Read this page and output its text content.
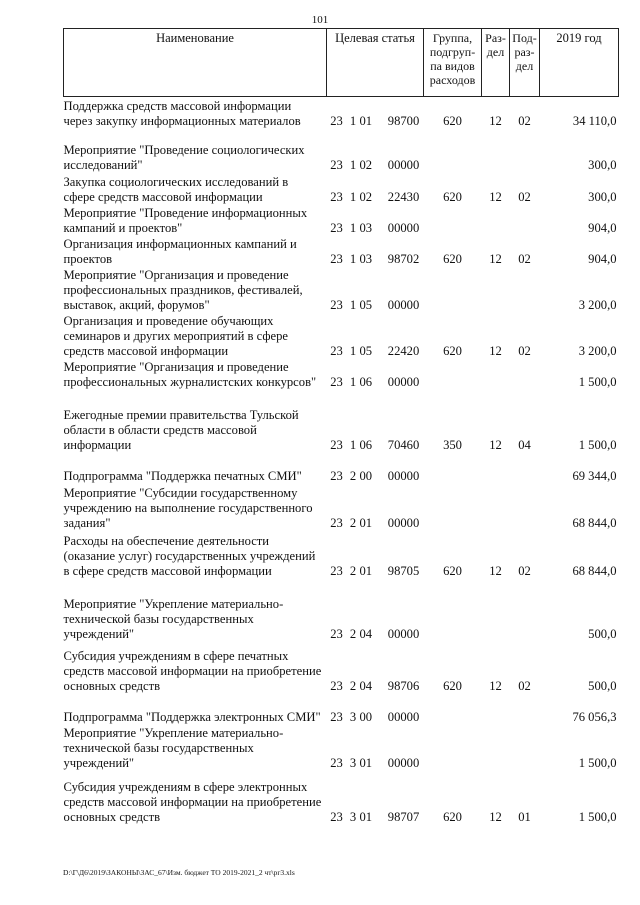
101
Наименование	Целевая статья				Группа, подгруп-па видов расходов	Раз-дел	Под-раз-дел	2019 год
Поддержка средств массовой информации через закупку информационных материалов	23	1	01	98700	620	12	02	34 110,0
Мероприятие "Проведение социологических исследований"	23	1	02	00000				300,0
Закупка социологических исследований в сфере средств массовой информации	23	1	02	22430	620	12	02	300,0
Мероприятие "Проведение информационных кампаний и проектов"	23	1	03	00000				904,0
Организация информационных кампаний и проектов	23	1	03	98702	620	12	02	904,0
Мероприятие "Организация и проведение профессиональных праздников, фестивалей, выставок, акций, форумов"	23	1	05	00000				3 200,0
Организация и проведение обучающих семинаров и других мероприятий в сфере средств массовой информации	23	1	05	22420	620	12	02	3 200,0
Мероприятие "Организация и проведение профессиональных журналистских конкурсов"	23	1	06	00000				1 500,0
Ежегодные премии правительства Тульской области в области средств массовой информации	23	1	06	70460	350	12	04	1 500,0
Подпрограмма "Поддержка печатных СМИ"	23	2	00	00000				69 344,0
Мероприятие "Субсидии государственному учреждению на выполнение государственного задания"	23	2	01	00000				68 844,0
Расходы на обеспечение деятельности (оказание услуг) государственных учреждений в сфере средств массовой информации	23	2	01	98705	620	12	02	68 844,0
Мероприятие "Укрепление материально-технической базы государственных учреждений"	23	2	04	00000				500,0
Субсидия учреждениям в сфере печатных средств массовой информации на приобретение основных средств	23	2	04	98706	620	12	02	500,0
Подпрограмма "Поддержка электронных СМИ"	23	3	00	00000				76 056,3
Мероприятие "Укрепление материально-технической базы государственных учреждений"	23	3	01	00000				1 500,0
Субсидия учреждениям в сфере электронных средств массовой информации на приобретение основных средств	23	3	01	98707	620	12	01	1 500,0
D:\Г\Д6\2019\ЗАКОНЫ\ЗАС_67\Изм. бюджет ТО 2019-2021_2 чт\рг3.xls
